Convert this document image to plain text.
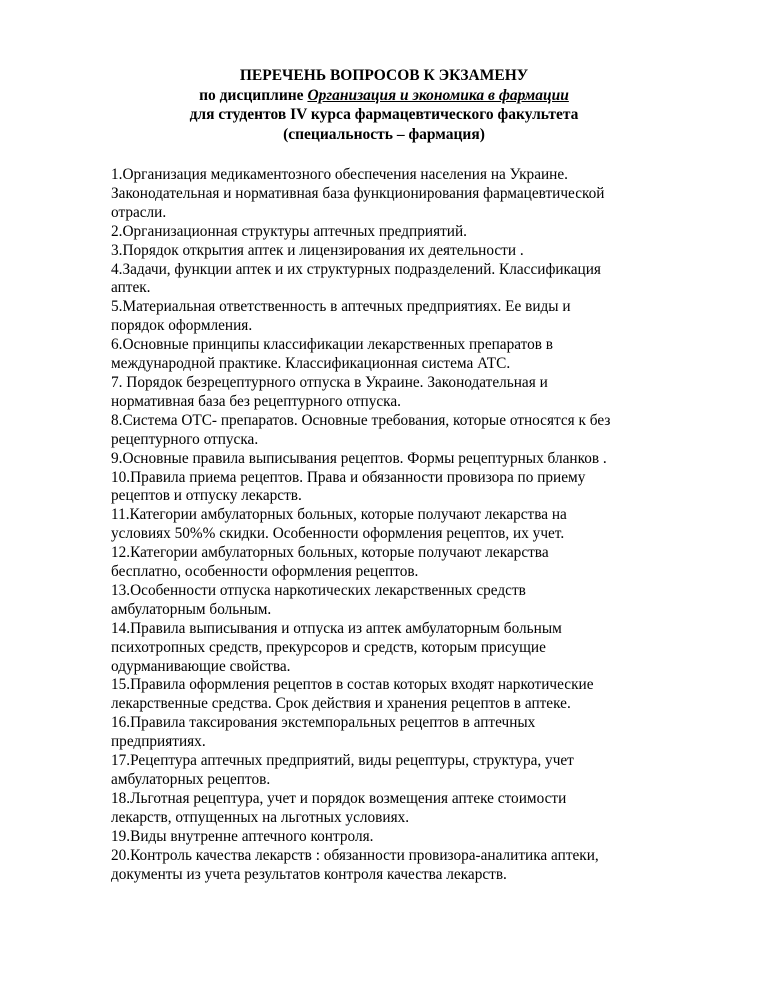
ПЕРЕЧЕНЬ ВОПРОСОВ К ЭКЗАМЕНУ
по дисциплине Организация и экономика в фармации
для студентов IV курса фармацевтического факультета
(специальность – фармация)
1.Организация медикаментозного обеспечения населения на Украине.
Законодательная и нормативная база функционирования фармацевтической
отрасли.
2.Организационная структуры аптечных предприятий.
3.Порядок открытия аптек и лицензирования их деятельности .
4.Задачи, функции аптек и их структурных подразделений. Классификация
аптек.
5.Материальная ответственность в аптечных предприятиях. Ее виды и
порядок оформления.
6.Основные принципы классификации лекарственных препаратов в
международной практике. Классификационная система АТС.
7. Порядок безрецептурного отпуска в Украине. Законодательная и
нормативная база без рецептурного отпуска.
8.Система ОТС- препаратов. Основные требования, которые относятся к без
рецептурного отпуска.
9.Основные правила выписывания рецептов. Формы рецептурных бланков .
10.Правила приема рецептов. Права и обязанности провизора по приему
рецептов и отпуску лекарств.
11.Категории амбулаторных больных, которые получают лекарства на
условиях 50%% скидки. Особенности оформления рецептов, их учет.
12.Категории амбулаторных больных, которые получают лекарства
бесплатно, особенности оформления рецептов.
13.Особенности отпуска наркотических лекарственных средств
амбулаторным больным.
14.Правила выписывания и отпуска из аптек амбулаторным больным
психотропных средств, прекурсоров и средств, которым присущие
одурманивающие свойства.
15.Правила оформления рецептов в состав которых входят наркотические
лекарственные средства. Срок действия и хранения рецептов в аптеке.
16.Правила таксирования экстемпоральных рецептов в аптечных
предприятиях.
17.Рецептура аптечных предприятий, виды рецептуры, структура, учет
амбулаторных рецептов.
18.Льготная рецептура, учет и порядок возмещения аптеке стоимости
лекарств, отпущенных на льготных условиях.
19.Виды внутренне аптечного контроля.
20.Контроль качества лекарств : обязанности провизора-аналитика аптеки,
документы из учета результатов контроля качества лекарств.
